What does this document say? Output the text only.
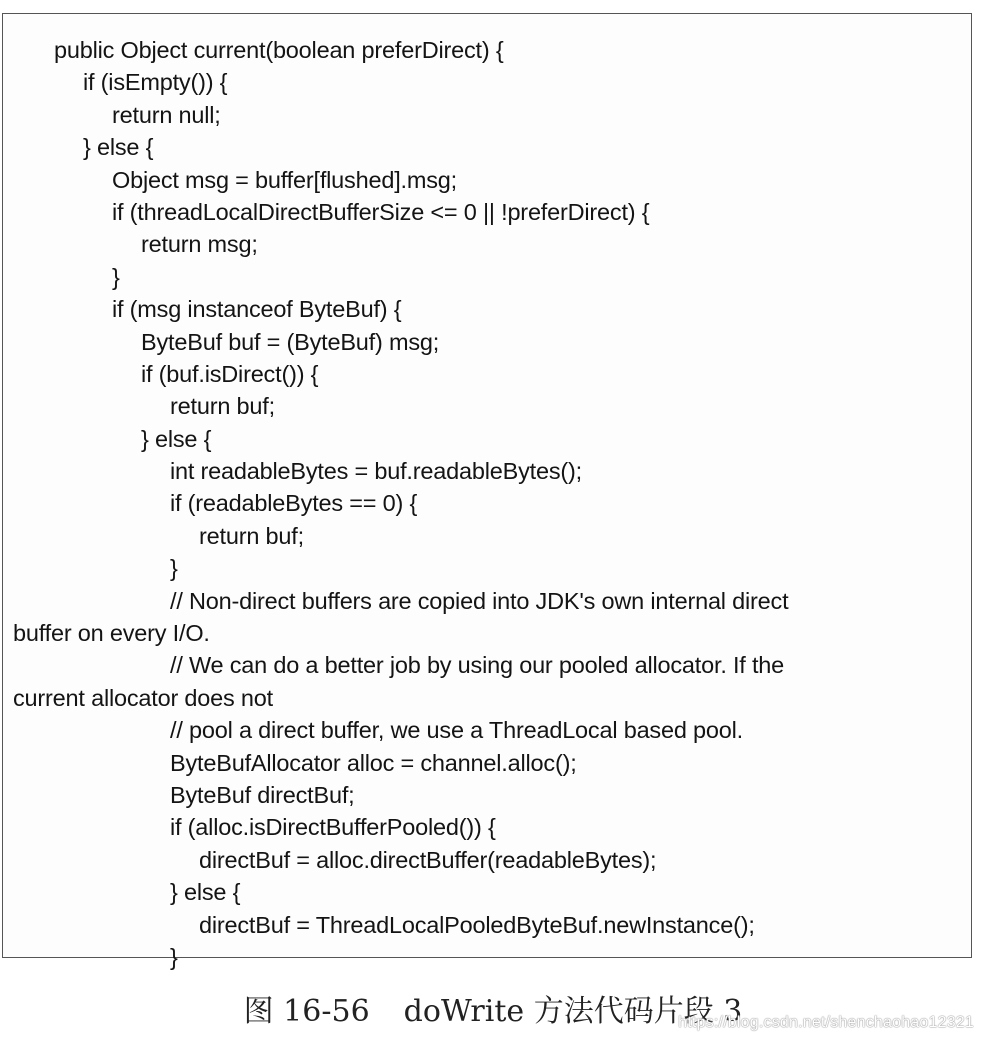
public Object current(boolean preferDirect) {
if (isEmpty()) {
return null;
} else {
Object msg = buffer[flushed].msg;
if (threadLocalDirectBufferSize <= 0 || !preferDirect) {
return msg;
}
if (msg instanceof ByteBuf) {
ByteBuf buf = (ByteBuf) msg;
if (buf.isDirect()) {
return buf;
} else {
int readableBytes = buf.readableBytes();
if (readableBytes == 0) {
return buf;
}
// Non-direct buffers are copied into JDK's own internal direct
buffer on every I/O.
// We can do a better job by using our pooled allocator. If the
current allocator does not
// pool a direct buffer, we use a ThreadLocal based pool.
ByteBufAllocator alloc = channel.alloc();
ByteBuf directBuf;
if (alloc.isDirectBufferPooled()) {
directBuf = alloc.directBuffer(readableBytes);
} else {
directBuf = ThreadLocalPooledByteBuf.newInstance();
}
图 16-56 doWrite 方法代码片段 3
https://blog.csdn.net/shenchaohao12321
